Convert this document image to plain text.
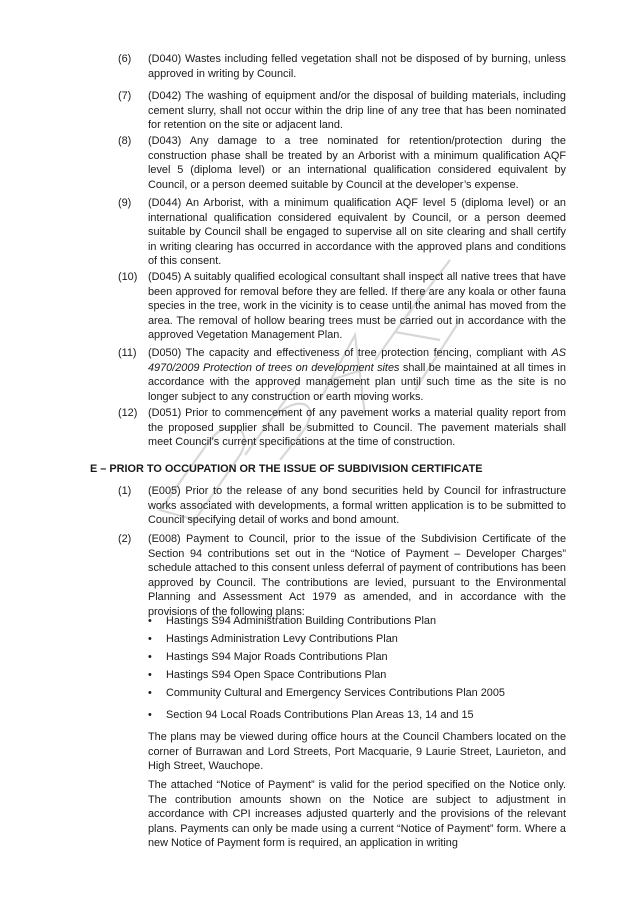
(6) (D040) Wastes including felled vegetation shall not be disposed of by burning, unless approved in writing by Council.
(7) (D042) The washing of equipment and/or the disposal of building materials, including cement slurry, shall not occur within the drip line of any tree that has been nominated for retention on the site or adjacent land.
(8) (D043) Any damage to a tree nominated for retention/protection during the construction phase shall be treated by an Arborist with a minimum qualification AQF level 5 (diploma level) or an international qualification considered equivalent by Council, or a person deemed suitable by Council at the developer’s expense.
(9) (D044) An Arborist, with a minimum qualification AQF level 5 (diploma level) or an international qualification considered equivalent by Council, or a person deemed suitable by Council shall be engaged to supervise all on site clearing and shall certify in writing clearing has occurred in accordance with the approved plans and conditions of this consent.
(10) (D045) A suitably qualified ecological consultant shall inspect all native trees that have been approved for removal before they are felled. If there are any koala or other fauna species in the tree, work in the vicinity is to cease until the animal has moved from the area. The removal of hollow bearing trees must be carried out in accordance with the approved Vegetation Management Plan.
(11) (D050) The capacity and effectiveness of tree protection fencing, compliant with AS 4970/2009 Protection of trees on development sites shall be maintained at all times in accordance with the approved management plan until such time as the site is no longer subject to any construction or earth moving works.
(12) (D051) Prior to commencement of any pavement works a material quality report from the proposed supplier shall be submitted to Council. The pavement materials shall meet Council’s current specifications at the time of construction.
E – PRIOR TO OCCUPATION OR THE ISSUE OF SUBDIVISION CERTIFICATE
(1) (E005) Prior to the release of any bond securities held by Council for infrastructure works associated with developments, a formal written application is to be submitted to Council specifying detail of works and bond amount.
(2) (E008) Payment to Council, prior to the issue of the Subdivision Certificate of the Section 94 contributions set out in the “Notice of Payment – Developer Charges” schedule attached to this consent unless deferral of payment of contributions has been approved by Council. The contributions are levied, pursuant to the Environmental Planning and Assessment Act 1979 as amended, and in accordance with the provisions of the following plans:
• Hastings S94 Administration Building Contributions Plan
• Hastings Administration Levy Contributions Plan
• Hastings S94 Major Roads Contributions Plan
• Hastings S94 Open Space Contributions Plan
• Community Cultural and Emergency Services Contributions Plan 2005
• Section 94 Local Roads Contributions Plan Areas 13, 14 and 15
The plans may be viewed during office hours at the Council Chambers located on the corner of Burrawan and Lord Streets, Port Macquarie, 9 Laurie Street, Laurieton, and High Street, Wauchope.
The attached “Notice of Payment” is valid for the period specified on the Notice only. The contribution amounts shown on the Notice are subject to adjustment in accordance with CPI increases adjusted quarterly and the provisions of the relevant plans. Payments can only be made using a current “Notice of Payment” form. Where a new Notice of Payment form is required, an application in writing
